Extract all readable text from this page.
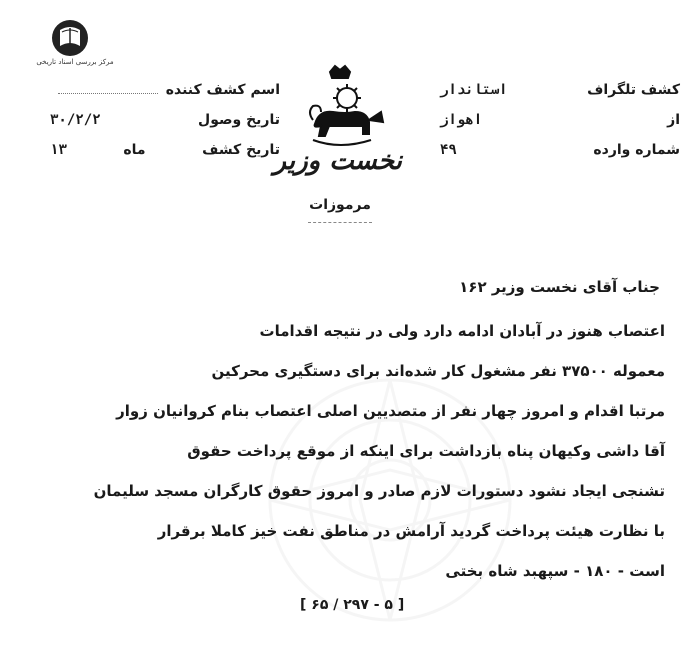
مرکز بررسی اسناد تاریخی
کشف تلگراف
استاندار
از
اهواز
شماره وارده
۴۹
اسم کشف کننده
تاریخ وصول
۳۰/۲/۲
تاریخ کشف
ماه
۱۳	نخست وزیر
مرموزات
جناب آقای نخست وزیر ۱۶۲
اعتصاب هنوز در آبادان ادامه دارد ولی در نتیجه اقدامات
معموله ۳۷۵۰۰ نفر مشغول کار شده‌اند برای دستگیری محرکین
مرتبا اقدام و امروز چهار نفر از متصدیین اصلی اعتصاب بنام کروانیان زوار
آقا داشی وکیهان پناه بازداشت برای اینکه از موقع پرداخت حقوق
تشنجی ایجاد نشود دستورات لازم صادر و امروز حقوق کارگران مسجد سلیمان
با نظارت هیئت پرداخت گردید آرامش در مناطق نفت خیز کاملا برقرار
است - ۱۸۰ - سپهبد شاه بختی
[ ۶۵ / ۲۹۷ - ۵ ]
